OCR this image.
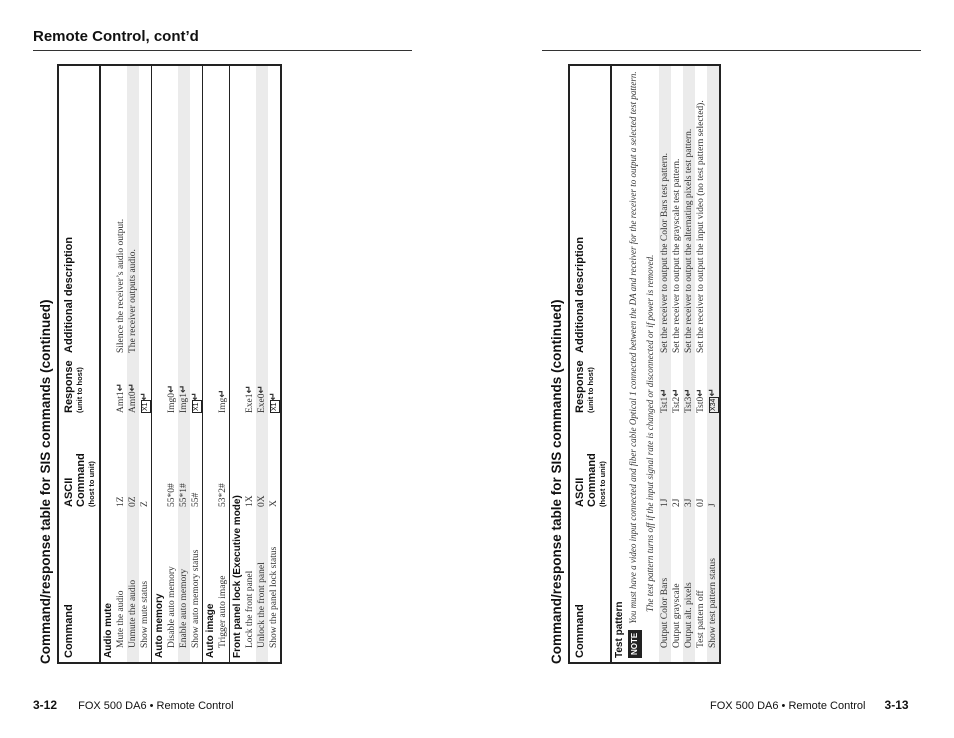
Remote Control, cont’d
Command/response table for SIS commands (continued) Command	ASCII Command (host to unit)	Response (unit to host)	Additional description
Audio mute			
Mute the audio	1Z	Amt1↵	Silence the receiver’s audio output.
Unmute the audio	0Z	Amt0↵	The receiver outputs audio.
Show mute status	Z	X1↵	
Auto memory			
Disable auto memory	55*0#	Img0↵	
Enable auto memory	55*1#	Img1↵	
Show auto memory status	55#	X1↵	
Auto image			
Trigger auto image	53*2#	Img↵	
Front panel lock (Executive mode)			
Lock the front panel	1X	Exe1↵	
Unlock the front panel	0X	Exe0↵	
Show the panel lock status	X	X1↵		Command/response table for SIS commands (continued) Command	ASCII Command (host to unit)	Response (unit to host)	Additional description
Test pattern			
NOTEYou must have a video input connected and fiber cable Optical 1 connected between the DA and receiver for the receiver to output a selected test pattern. The test pattern turns off if the input signal rate is changed or disconnected or if power is removed.			

Output Color Bars	1J	Tst1↵	Set the receiver to output the Color Bars test pattern.
Output grayscale	2J	Tst2↵	Set the receiver to output the grayscale test pattern.
Output alt. pixels	3J	Tst3↵	Set the receiver to output the alternating pixels test pattern.
Test pattern off	0J	Tst0↵	Set the receiver to output the input video (no test pattern selected).
Show test pattern status	J	X34↵	
3-12 FOX 500 DA6 • Remote Control	FOX 500 DA6 • Remote Control 3-13
